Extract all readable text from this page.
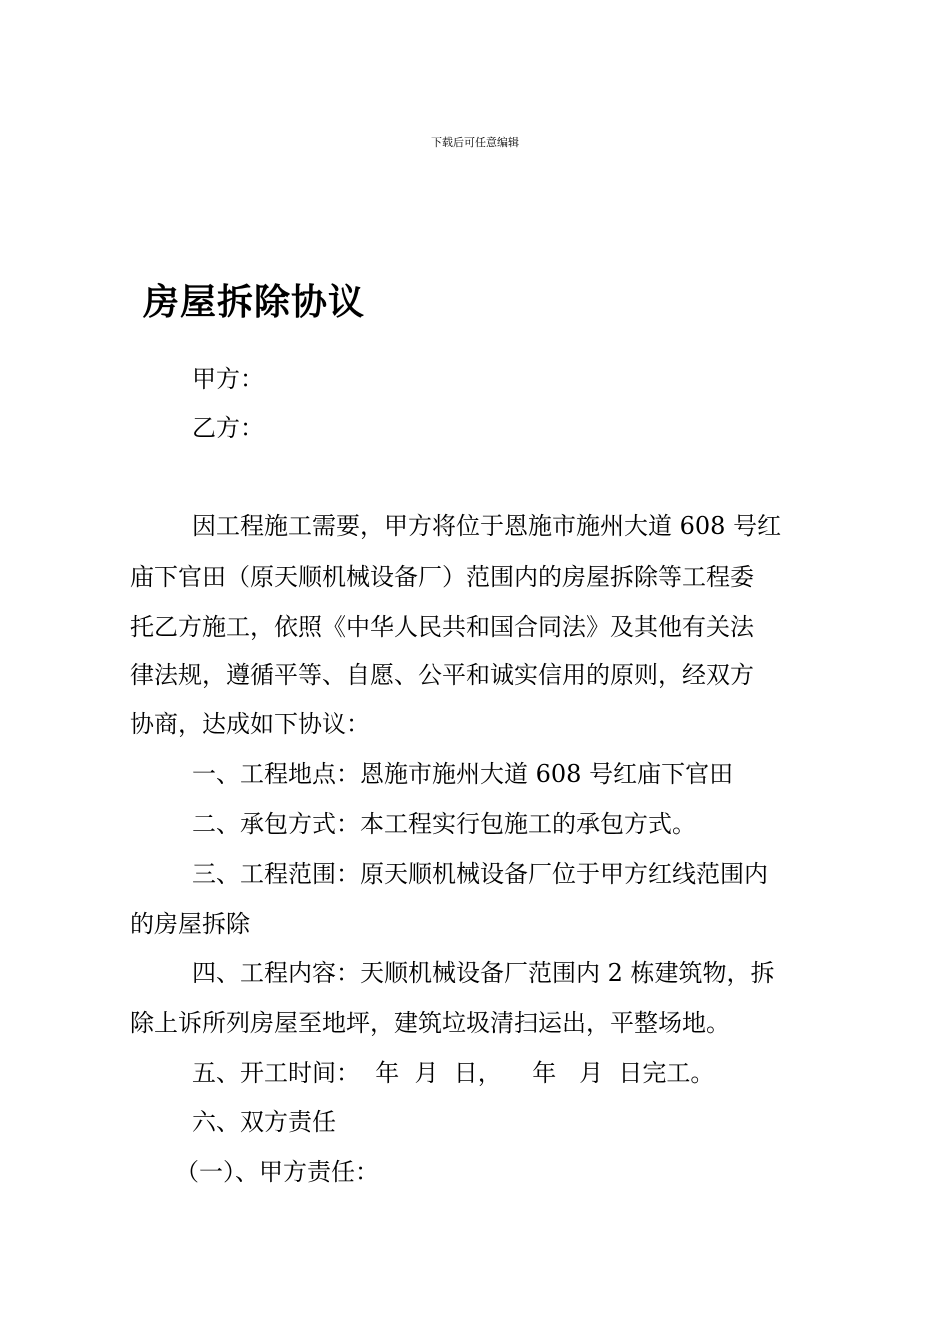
下载后可任意编辑
房屋拆除协议
甲方：
乙方：
因工程施工需要，甲方将位于恩施市施州大道 608 号红
庙下官田（原天顺机械设备厂）范围内的房屋拆除等工程委
托乙方施工，依照《中华人民共和国合同法》及其他有关法
律法规，遵循平等、自愿、公平和诚实信用的原则，经双方
协商，达成如下协议：
一、工程地点：恩施市施州大道 608 号红庙下官田
二、承包方式：本工程实行包施工的承包方式。
三、工程范围：原天顺机械设备厂位于甲方红线范围内
的房屋拆除
四、工程内容：天顺机械设备厂范围内 2 栋建筑物，拆
除上诉所列房屋至地坪，建筑垃圾清扫运出，平整场地。
五、开工时间：  年  月  日，    年   月  日完工。
六、双方责任
（一）、甲方责任：
